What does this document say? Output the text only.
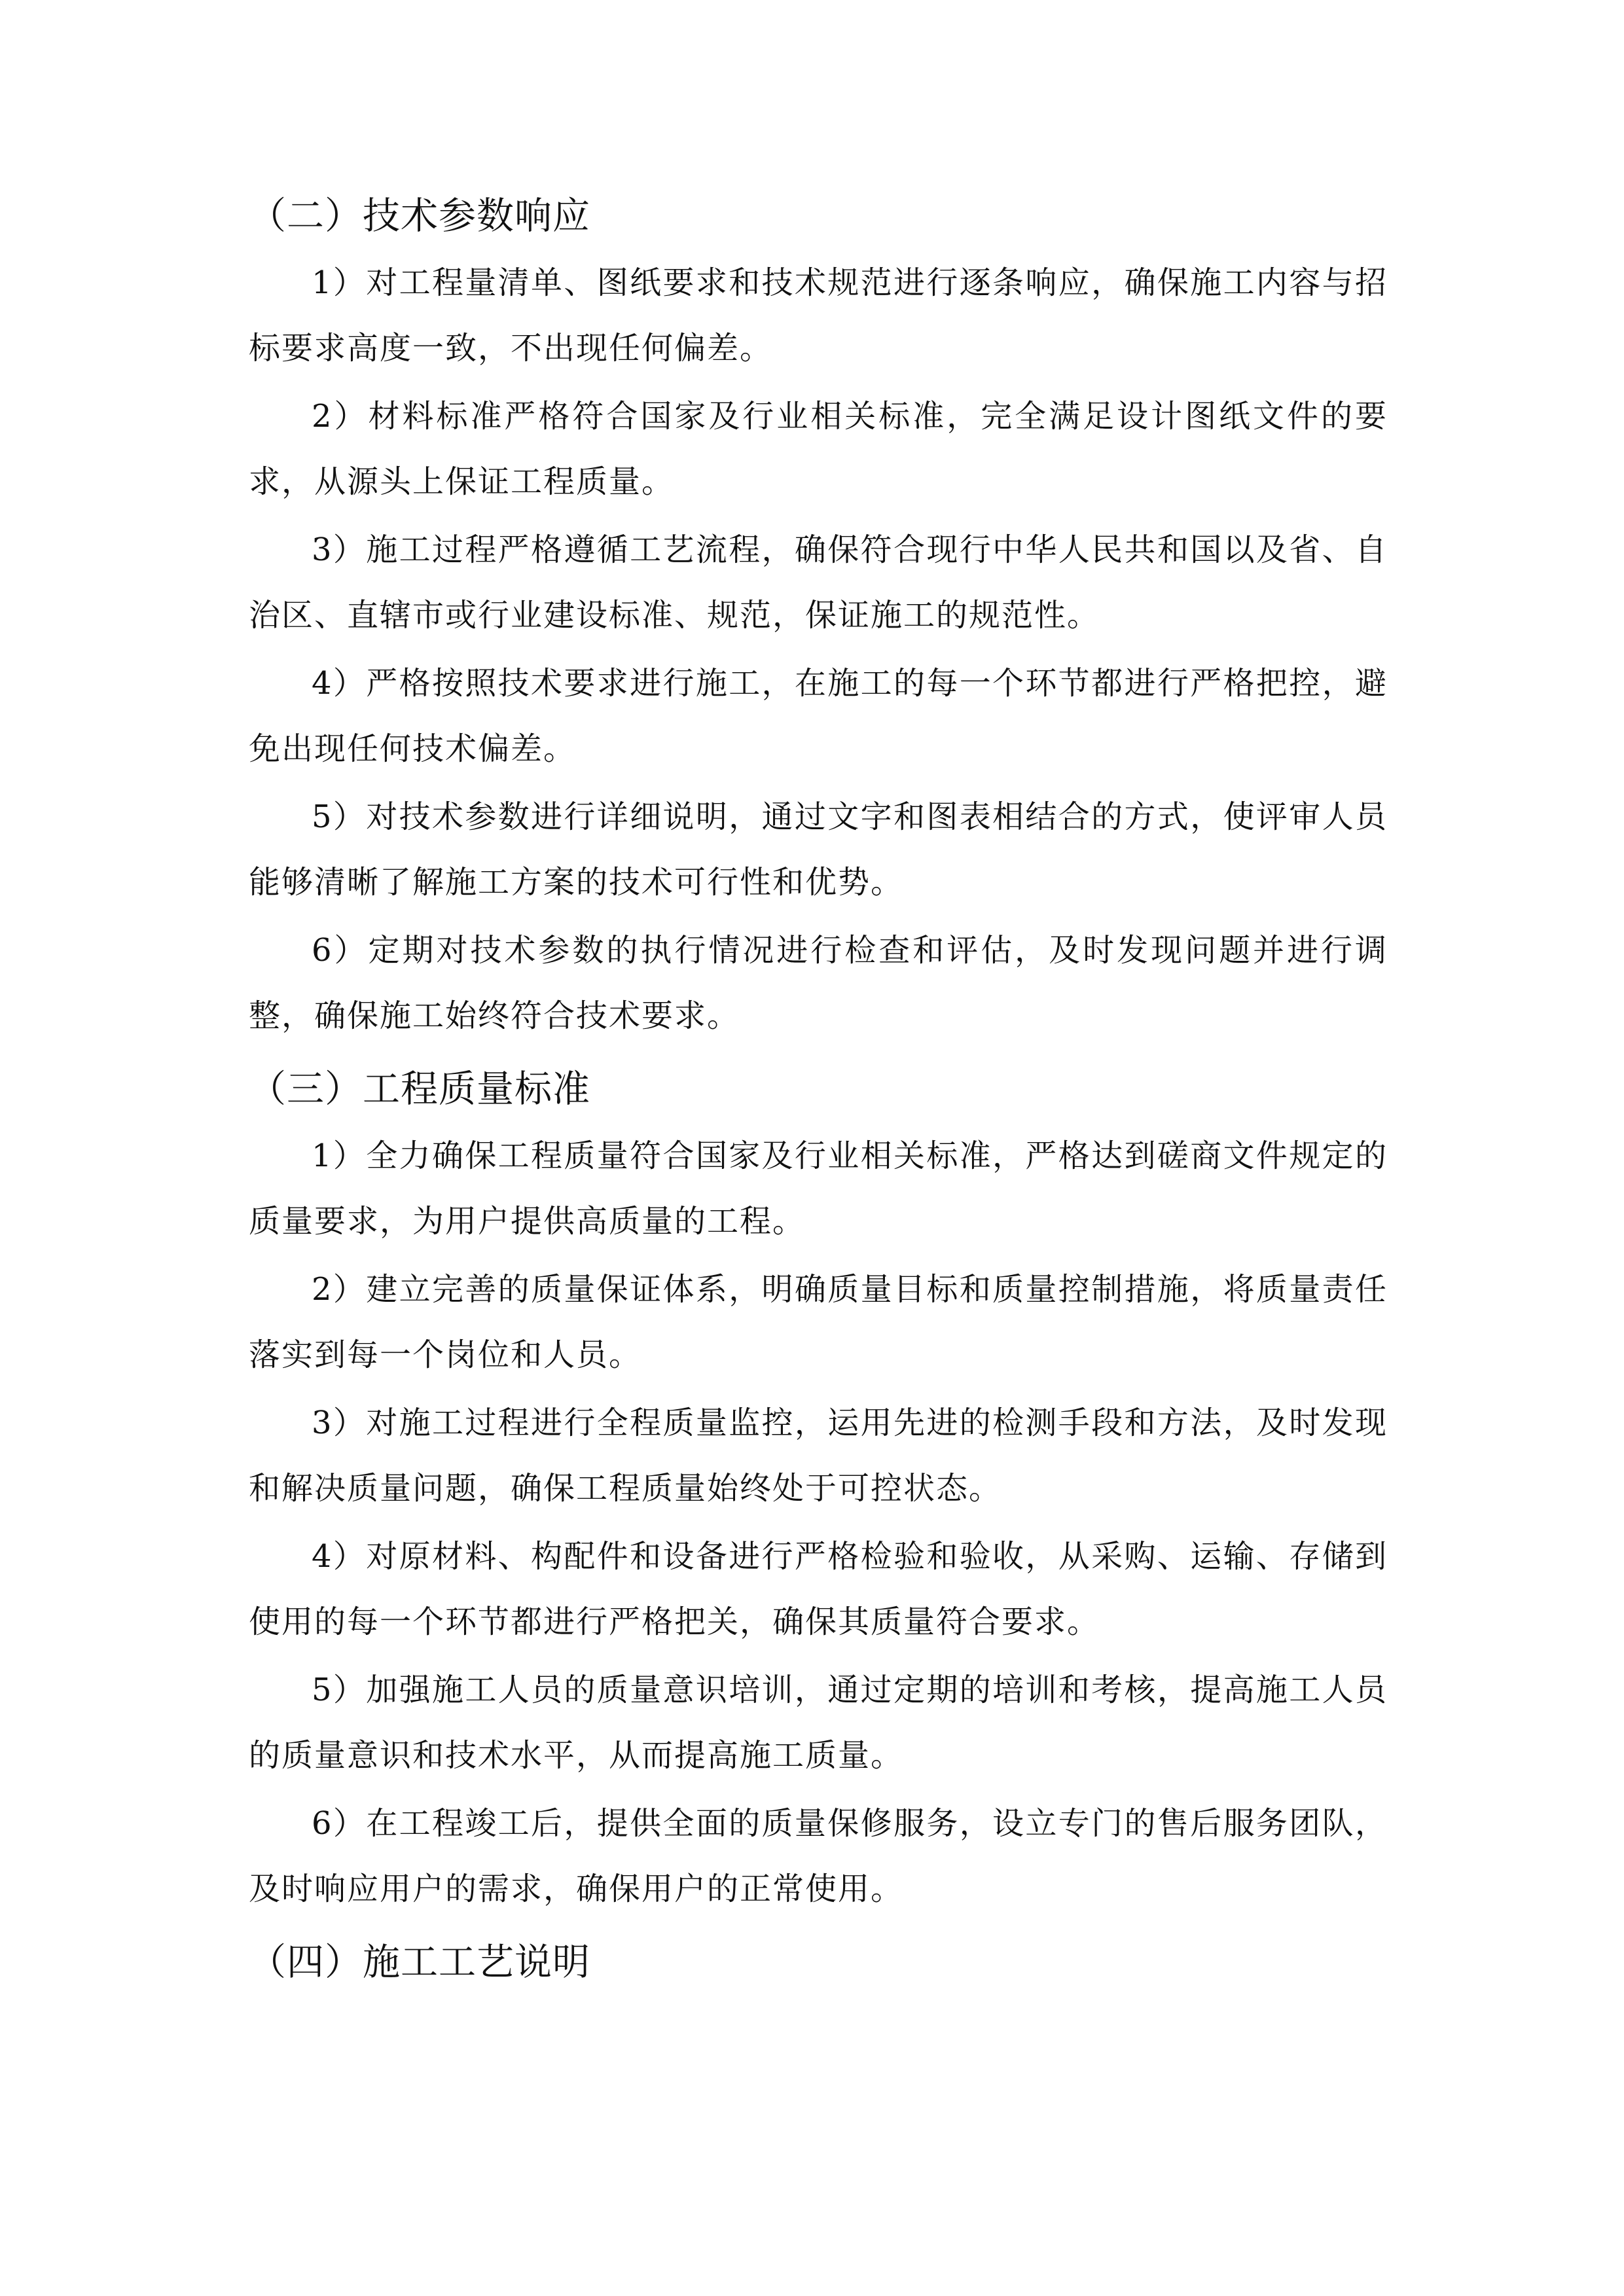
（二）技术参数响应

1）对工程量清单、图纸要求和技术规范进行逐条响应，确保施工内容与招标要求高度一致，不出现任何偏差。

2）材料标准严格符合国家及行业相关标准，完全满足设计图纸文件的要求，从源头上保证工程质量。

3）施工过程严格遵循工艺流程，确保符合现行中华人民共和国以及省、自治区、直辖市或行业建设标准、规范，保证施工的规范性。

4）严格按照技术要求进行施工，在施工的每一个环节都进行严格把控，避免出现任何技术偏差。

5）对技术参数进行详细说明，通过文字和图表相结合的方式，使评审人员能够清晰了解施工方案的技术可行性和优势。

6）定期对技术参数的执行情况进行检查和评估，及时发现问题并进行调整，确保施工始终符合技术要求。

（三）工程质量标准

1）全力确保工程质量符合国家及行业相关标准，严格达到磋商文件规定的质量要求，为用户提供高质量的工程。

2）建立完善的质量保证体系，明确质量目标和质量控制措施，将质量责任落实到每一个岗位和人员。

3）对施工过程进行全程质量监控，运用先进的检测手段和方法，及时发现和解决质量问题，确保工程质量始终处于可控状态。

4）对原材料、构配件和设备进行严格检验和验收，从采购、运输、存储到使用的每一个环节都进行严格把关，确保其质量符合要求。

5）加强施工人员的质量意识培训，通过定期的培训和考核，提高施工人员的质量意识和技术水平，从而提高施工质量。

6）在工程竣工后，提供全面的质量保修服务，设立专门的售后服务团队，及时响应用户的需求，确保用户的正常使用。

（四）施工工艺说明
